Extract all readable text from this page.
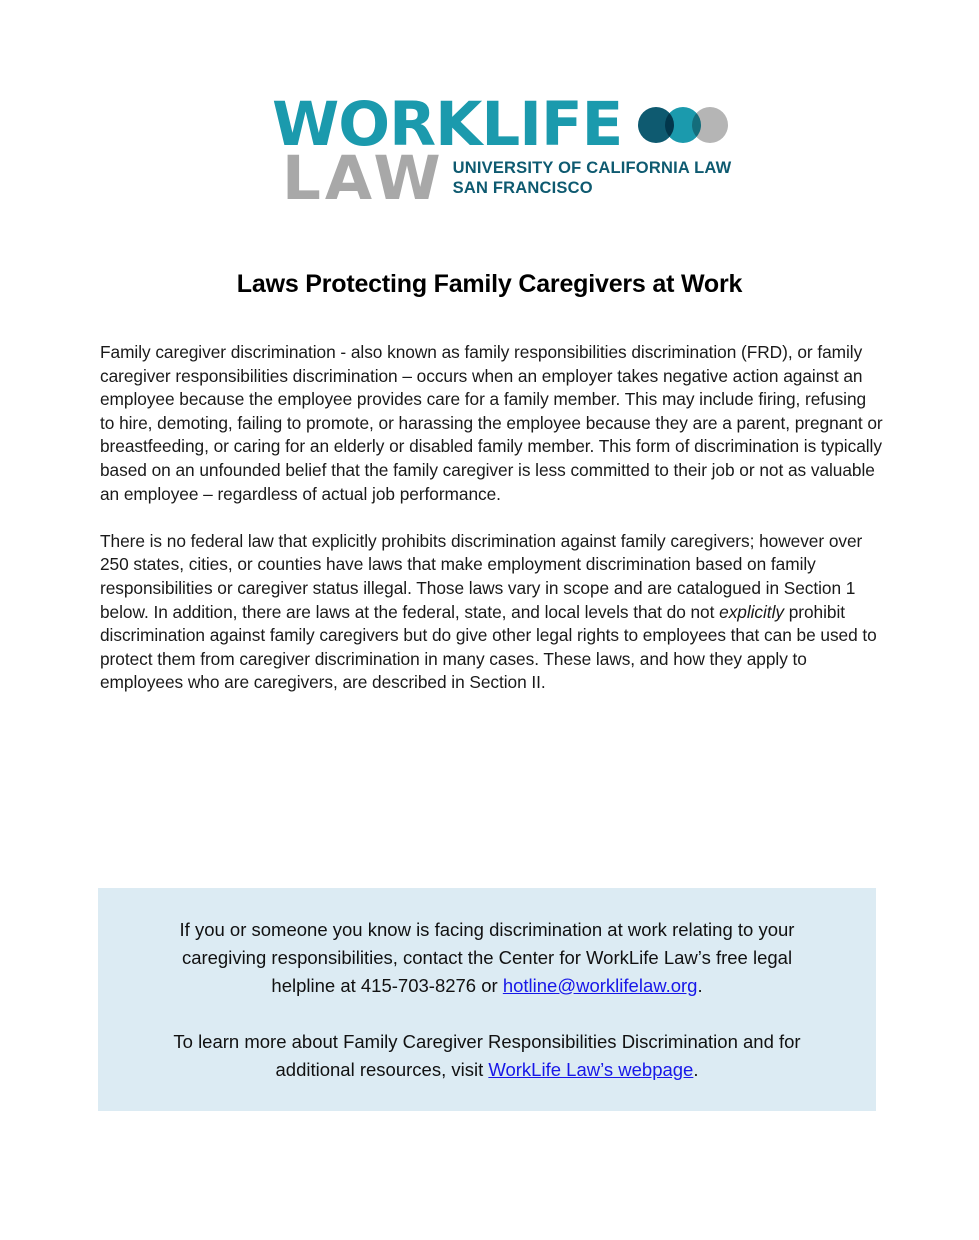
WORKLIFE
LAW UNIVERSITY OF CALIFORNIA LAW
SAN FRANCISCO
Laws Protecting Family Caregivers at Work

Family caregiver discrimination - also known as family responsibilities discrimination (FRD), or family caregiver responsibilities discrimination – occurs when an employer takes negative action against an employee because the employee provides care for a family member. This may include firing, refusing to hire, demoting, failing to promote, or harassing the employee because they are a parent, pregnant or breastfeeding, or caring for an elderly or disabled family member. This form of discrimination is typically based on an unfounded belief that the family caregiver is less committed to their job or not as valuable an employee – regardless of actual job performance.

There is no federal law that explicitly prohibits discrimination against family caregivers; however over 250 states, cities, or counties have laws that make employment discrimination based on family responsibilities or caregiver status illegal. Those laws vary in scope and are catalogued in Section 1 below. In addition, there are laws at the federal, state, and local levels that do not explicitly prohibit discrimination against family caregivers but do give other legal rights to employees that can be used to protect them from caregiver discrimination in many cases. These laws, and how they apply to employees who are caregivers, are described in Section II.

If you or someone you know is facing discrimination at work relating to your caregiving responsibilities, contact the Center for WorkLife Law’s free legal helpline at 415-703-8276 or hotline@worklifelaw.org.

To learn more about Family Caregiver Responsibilities Discrimination and for additional resources, visit WorkLife Law’s webpage.
